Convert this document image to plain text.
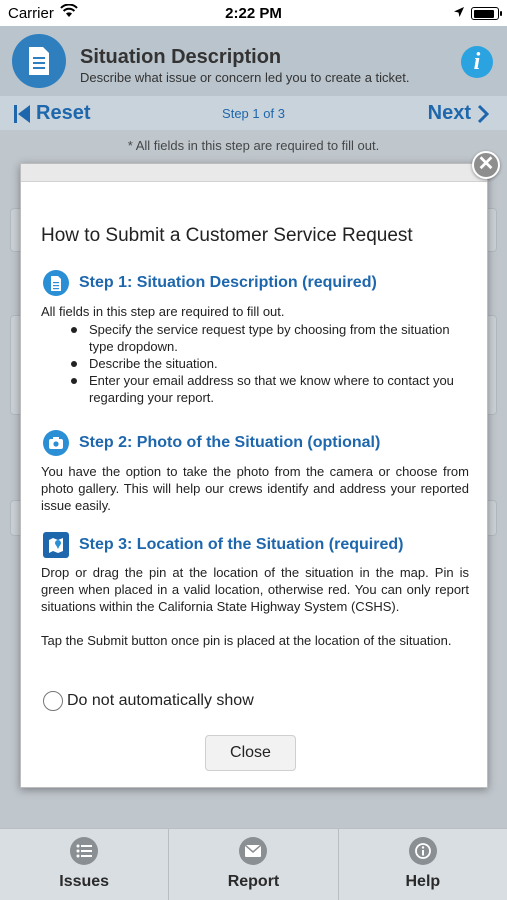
Carrier	2:22 PM
Situation Description
Describe what issue or concern led you to create a ticket.
i
Reset	Step 1 of 3	Next
* All fields in this step are required to fill out.
How to Submit a Customer Service Request
Step 1: Situation Description (required)
All fields in this step are required to fill out.
Specify the service request type by choosing from the situation type dropdown.
Describe the situation.
Enter your email address so that we know where to contact you regarding your report.
Step 2: Photo of the Situation (optional)
You have the option to take the photo from the camera or choose from photo gallery. This will help our crews identify and address your reported issue easily.
Step 3: Location of the Situation (required)
Drop or drag the pin at the location of the situation in the map. Pin is green when placed in a valid location, otherwise red. You can only report situations within the California State Highway System (CSHS).
Tap the Submit button once pin is placed at the location of the situation.
Do not automatically show
Close
✕
Issues	Report	Help
